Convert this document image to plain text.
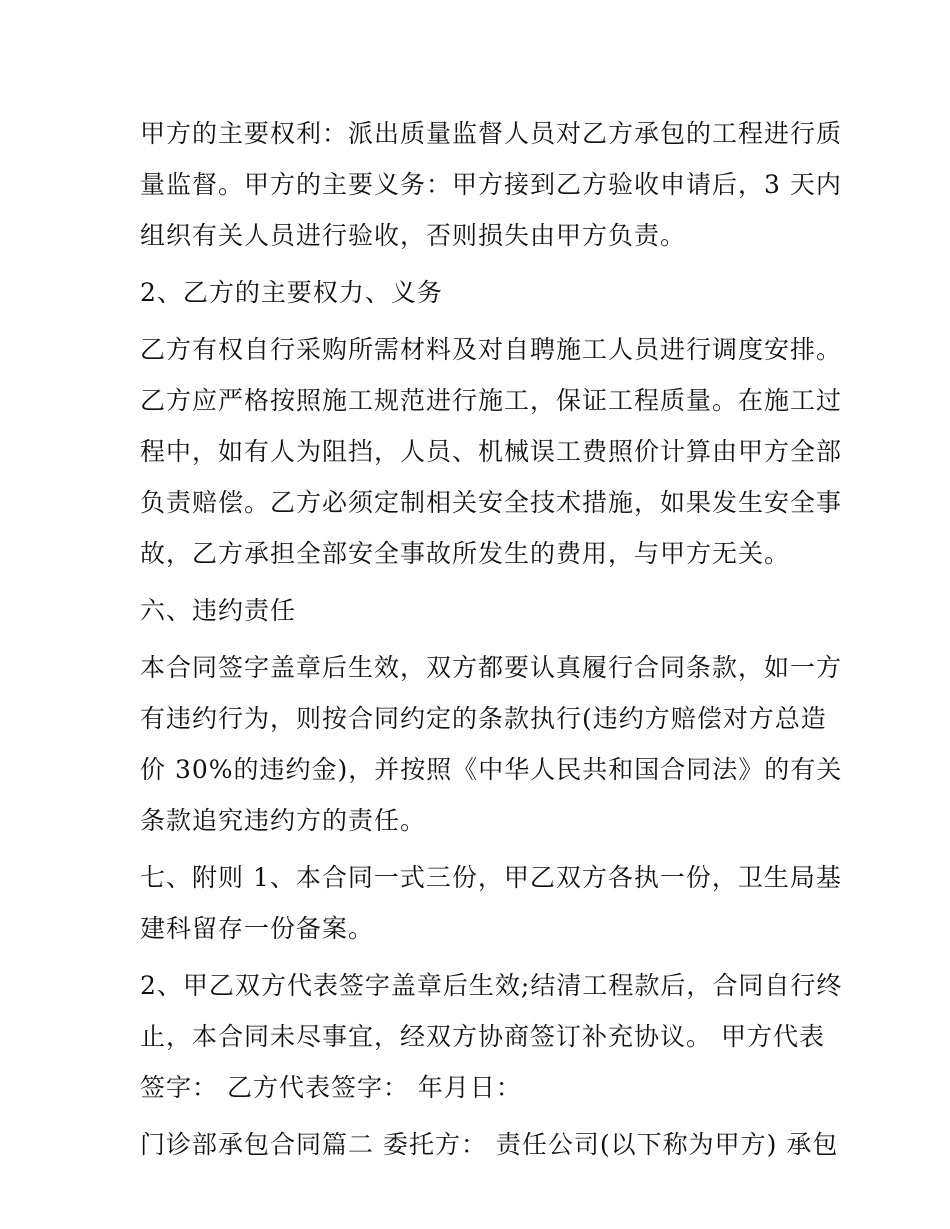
甲方的主要权利：派出质量监督人员对乙方承包的工程进行质
量监督。甲方的主要义务：甲方接到乙方验收申请后，3 天内
组织有关人员进行验收，否则损失由甲方负责。

2、乙方的主要权力、义务

乙方有权自行采购所需材料及对自聘施工人员进行调度安排。
乙方应严格按照施工规范进行施工，保证工程质量。在施工过
程中，如有人为阻挡，人员、机械误工费照价计算由甲方全部
负责赔偿。乙方必须定制相关安全技术措施，如果发生安全事
故，乙方承担全部安全事故所发生的费用，与甲方无关。

六、违约责任

本合同签字盖章后生效，双方都要认真履行合同条款，如一方
有违约行为，则按合同约定的条款执行(违约方赔偿对方总造
价 30%的违约金)，并按照《中华人民共和国合同法》的有关
条款追究违约方的责任。

七、附则 1、本合同一式三份，甲乙双方各执一份，卫生局基
建科留存一份备案。

2、甲乙双方代表签字盖章后生效;结清工程款后，合同自行终
止，本合同未尽事宜，经双方协商签订补充协议。 甲方代表
签字： 乙方代表签字： 年月日：

门诊部承包合同篇二 委托方： 责任公司(以下称为甲方) 承包
